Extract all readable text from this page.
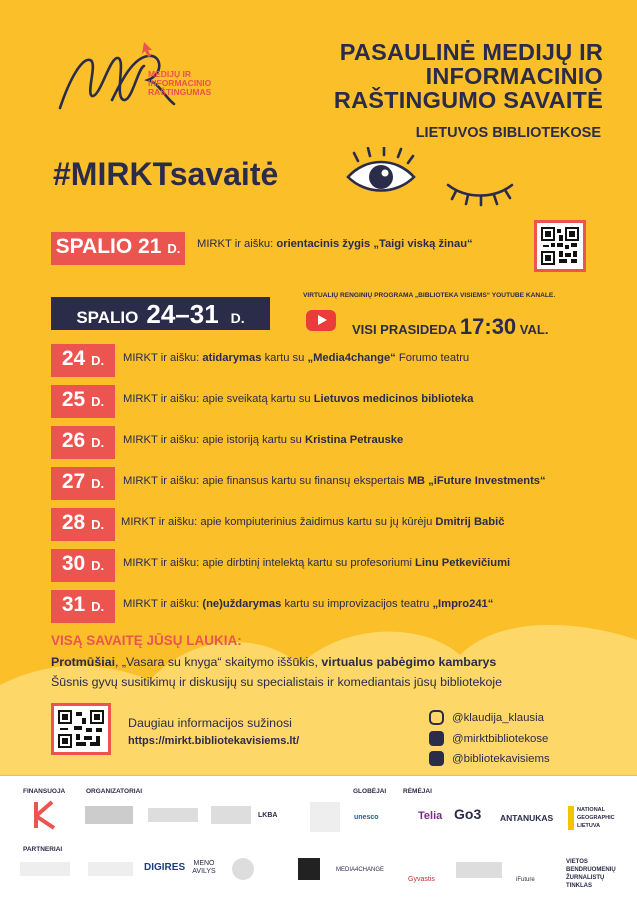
MEDIJŲ IR
INFORMACINIO
RAŠTINGUMAS
PASAULINĖ MEDIJŲ IR
INFORMACINIO
RAŠTINGUMO SAVAITĖ
LIETUVOS BIBLIOTEKOSE
#MIRKTsavaitė
SPALIO 21 D. MIRKT ir aišku: orientacinis žygis „Taigi viską žinau“
SPALIO 24–31 D.
VIRTUALIŲ RENGINIŲ PROGRAMA „BIBLIOTEKA VISIEMS“ YOUTUBE KANALE.
VISI PRASIDEDA 17:30 VAL.
24 D. MIRKT ir aišku: atidarymas kartu su „Media4change“ Forumo teatru
25 D. MIRKT ir aišku: apie sveikatą kartu su Lietuvos medicinos biblioteka
26 D. MIRKT ir aišku: apie istoriją kartu su Kristina Petrauske
27 D. MIRKT ir aišku: apie finansus kartu su finansų ekspertais MB „iFuture Investments“
28 D. MIRKT ir aišku: apie kompiuterinius žaidimus kartu su jų kūrėju Dmitrij Babič
30 D. MIRKT ir aišku: apie dirbtinį intelektą kartu su profesoriumi Linu Petkevičiumi
31 D. MIRKT ir aišku: (ne)uždarymas kartu su improvizacijos teatru „Impro241“
VISĄ SAVAITĘ JŪSŲ LAUKIA:
Protmūšiai, „Vasara su knyga“ skaitymo iššūkis, virtualus pabėgimo kambarys
Šūsnis gyvų susitikimų ir diskusijų su specialistais ir komediantais jūsų bibliotekoje
Daugiau informacijos sužinosi
https://mirkt.bibliotekavisiems.lt/
@klaudija_klausia
@mirktbibliotekose
@bibliotekavisiems
FINANSUOJA	ORGANIZATORIAI	GLOBĖJAI	RĖMĖJAI
PARTNERIAI
LKBA	unesco	Telia Go3 ANTANUKAS
NATIONAL GEOGRAPHIC LIETUVA
DIGIRES MENO AVILYS	MEDIA4CHANGE
Gyvastis	iFuture
VIETOS BENDRUOMENIŲ ŽURNALISTŲ TINKLAS
